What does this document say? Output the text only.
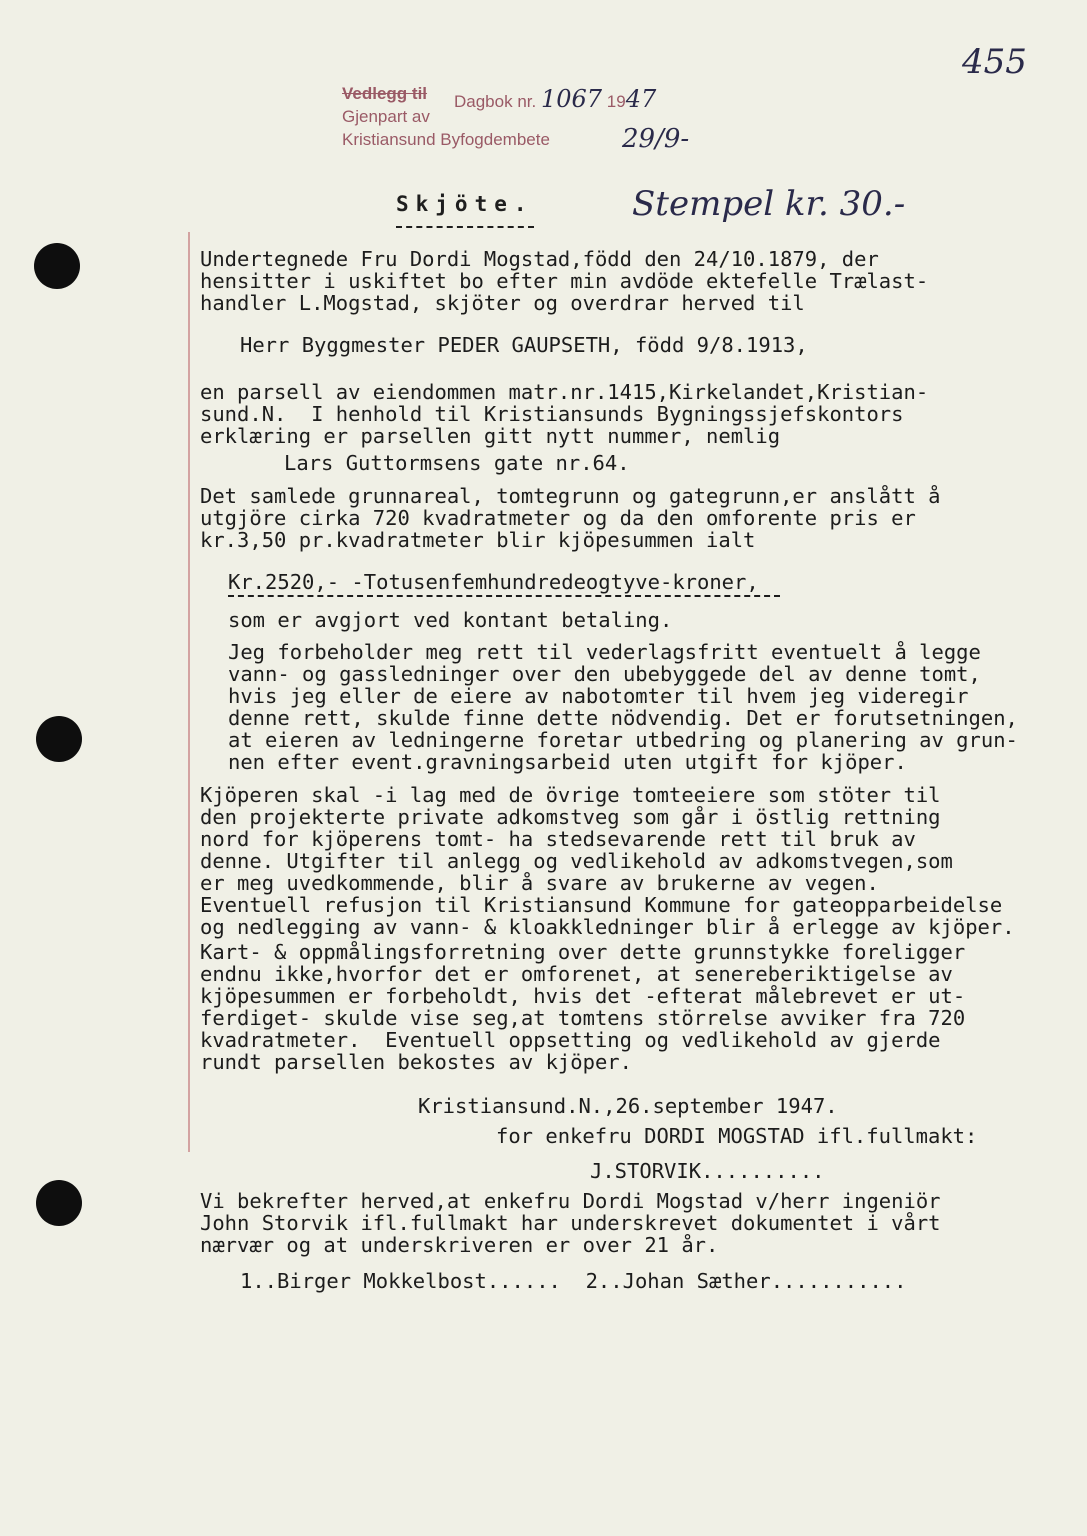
Vedlegg til	Dagbok nr. 1067 1947
Gjenpart av
Kristiansund Byfogdembete	29/9-
455
Skjöte.	Stempel kr. 30.-
Undertegnede Fru Dordi Mogstad,född den 24/10.1879, der
hensitter i uskiftet bo efter min avdöde ektefelle Trælast-
handler L.Mogstad, skjöter og overdrar herved til
Herr Byggmester PEDER GAUPSETH, född 9/8.1913,
en parsell av eiendommen matr.nr.1415,Kirkelandet,Kristian-
sund.N.  I henhold til Kristiansunds Bygningssjefskontors
erklæring er parsellen gitt nytt nummer, nemlig
Lars Guttormsens gate nr.64.
Det samlede grunnareal, tomtegrunn og gategrunn,er anslått å
utgjöre cirka 720 kvadratmeter og da den omforente pris er
kr.3,50 pr.kvadratmeter blir kjöpesummen ialt
Kr.2520,- -Totusenfemhundredeogtyve-kroner,
som er avgjort ved kontant betaling.
Jeg forbeholder meg rett til vederlagsfritt eventuelt å legge
vann- og gassledninger over den ubebyggede del av denne tomt,
hvis jeg eller de eiere av nabotomter til hvem jeg videregir
denne rett, skulde finne dette nödvendig. Det er forutsetningen,
at eieren av ledningerne foretar utbedring og planering av grun-
nen efter event.gravningsarbeid uten utgift for kjöper.
Kjöperen skal -i lag med de övrige tomteeiere som stöter til
den projekterte private adkomstveg som går i östlig rettning
nord for kjöperens tomt- ha stedsevarende rett til bruk av
denne. Utgifter til anlegg og vedlikehold av adkomstvegen,som
er meg uvedkommende, blir å svare av brukerne av vegen.
Eventuell refusjon til Kristiansund Kommune for gateopparbeidelse
og nedlegging av vann- & kloakkledninger blir å erlegge av kjöper.
Kart- & oppmålingsforretning over dette grunnstykke foreligger
endnu ikke,hvorfor det er omforenet, at senereberiktigelse av
kjöpesummen er forbeholdt, hvis det -efterat målebrevet er ut-
ferdiget- skulde vise seg,at tomtens störrelse avviker fra 720
kvadratmeter.  Eventuell oppsetting og vedlikehold av gjerde
rundt parsellen bekostes av kjöper.
Kristiansund.N.,26.september 1947.
for enkefru DORDI MOGSTAD ifl.fullmakt:
J.STORVIK..........
Vi bekrefter herved,at enkefru Dordi Mogstad v/herr ingeniör
John Storvik ifl.fullmakt har underskrevet dokumentet i vårt
nærvær og at underskriveren er over 21 år.
1..Birger Mokkelbost......  2..Johan Sæther...........
